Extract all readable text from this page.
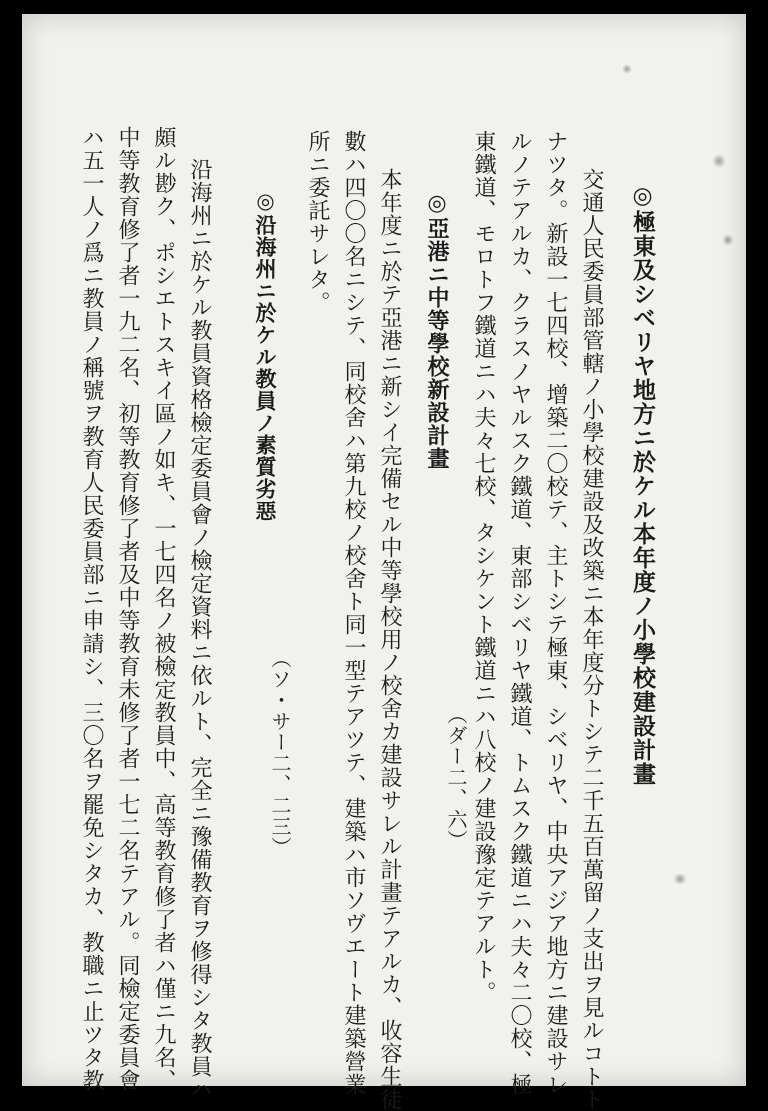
◎極東及シベリヤ地方ニ於ケル本年度ノ小學校建設計畫
交通人民委員部管轄ノ小學校建設及改築ニ本年度分トシテ二千五百萬留ノ支出ヲ見ルコトト
ナツタ。新設一七四校、增築二〇校テ、主トシテ極東、シベリヤ、中央アジア地方ニ建設サレ
ルノテアルカ、クラスノヤルスク鐵道、東部シベリヤ鐵道、トムスク鐵道ニハ夫々二〇校、極
東鐵道、モロトフ鐵道ニハ夫々七校、タシケント鐵道ニハ八校ノ建設豫定テアルト。
（ダー二、六）
◎亞港ニ中等學校新設計畫
本年度ニ於テ亞港ニ新シイ完備セル中等學校用ノ校舍カ建設サレル計畫テアルカ、收容生徒
數ハ四〇〇名ニシテ、同校舍ハ第九校ノ校舍ト同一型テアツテ、建築ハ市ソヴエート建築營業
所ニ委託サレタ。
（ソ・サー二、二三）
◎沿海州ニ於ケル教員ノ素質劣惡
沿海州ニ於ケル教員資格檢定委員會ノ檢定資料ニ依ルト、完全ニ豫備教育ヲ修得シタ教員ハ
頗ル尠ク、ポシエトスキイ區ノ如キ、一七四名ノ被檢定教員中、高等教育修了者ハ僅ニ九名、
中等教育修了者一九二名、初等教育修了者及中等教育未修了者一七二名テアル。同檢定委員會
ハ五一人ノ爲ニ教員ノ稱號ヲ教育人民委員部ニ申請シ、三〇名ヲ罷免シタカ、教職ニ止ツタ教
